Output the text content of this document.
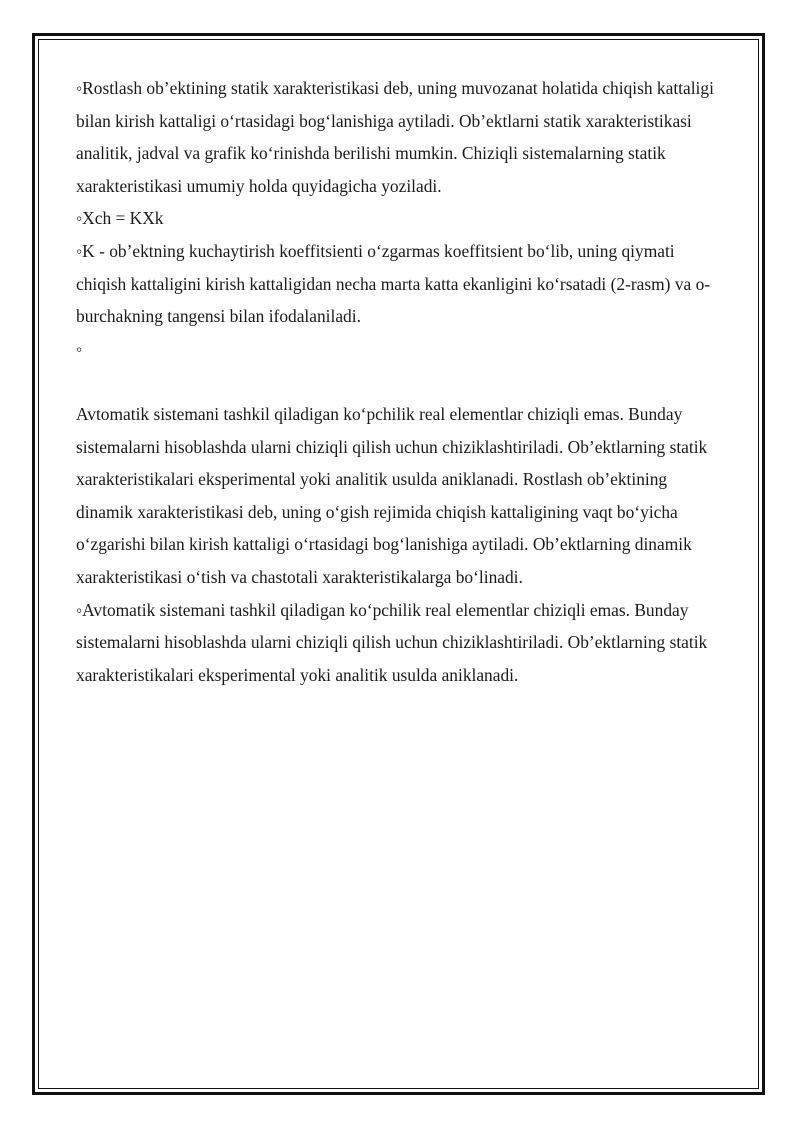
◦Rostlash ob’ektining statik xarakteristikasi deb, uning muvozanat holatida chiqish kattaligi bilan kirish kattaligi o‘rtasidagi bog‘lanishiga aytiladi. Ob’ektlarni statik xarakteristikasi analitik, jadval va grafik ko‘rinishda berilishi mumkin. Chiziqli sistemalarning statik xarakteristikasi umumiy holda quyidagicha yoziladi.

◦Xch = KXk

◦K - ob’ektning kuchaytirish koeffitsienti o‘zgarmas koeffitsient bo‘lib, uning qiymati chiqish kattaligini kirish kattaligidan necha marta katta ekanligini ko‘rsatadi (2-rasm) va o-burchakning tangensi bilan ifodalaniladi.

◦

Avtomatik sistemani tashkil qiladigan ko‘pchilik real elementlar chiziqli emas. Bunday sistemalarni hisoblashda ularni chiziqli qilish uchun chiziklashtiriladi. Ob’ektlarning statik xarakteristikalari eksperimental yoki analitik usulda aniklanadi. Rostlash ob’ektining dinamik xarakteristikasi deb, uning o‘gish rejimida chiqish kattaligining vaqt bo‘yicha o‘zgarishi bilan kirish kattaligi o‘rtasidagi bog‘lanishiga aytiladi. Ob’ektlarning dinamik xarakteristikasi o‘tish va chastotali xarakteristikalarga bo‘linadi.

◦Avtomatik sistemani tashkil qiladigan ko‘pchilik real elementlar chiziqli emas. Bunday sistemalarni hisoblashda ularni chiziqli qilish uchun chiziklashtiriladi. Ob’ektlarning statik xarakteristikalari eksperimental yoki analitik usulda aniklanadi.
